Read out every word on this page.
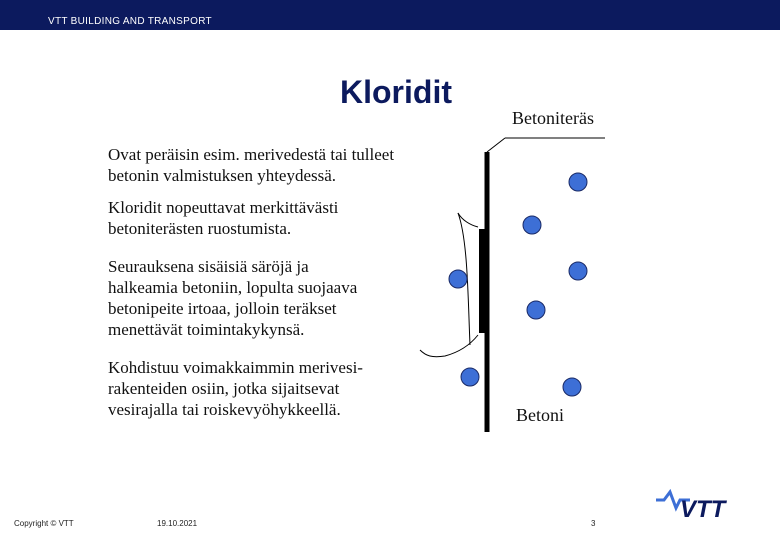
VTT BUILDING AND TRANSPORT
Kloridit
Ovat peräisin esim. merivedestä tai tulleet
betonin valmistuksen yhteydessä.
Kloridit nopeuttavat merkittävästi
betoniterästen ruostumista.
Seurauksena sisäisiä säröjä ja
halkeamia betoniin, lopulta suojaava
betonipeite irtoaa, jolloin teräkset
menettävät toimintakykynsä.
Kohdistuu voimakkaimmin merivesi-
rakenteiden osiin, jotka sijaitsevat
vesirajalla tai roiskevyöhykkeellä.
Betoniteräs
Betoni
Copyright © VTT	19.10.2021	3
VTT
